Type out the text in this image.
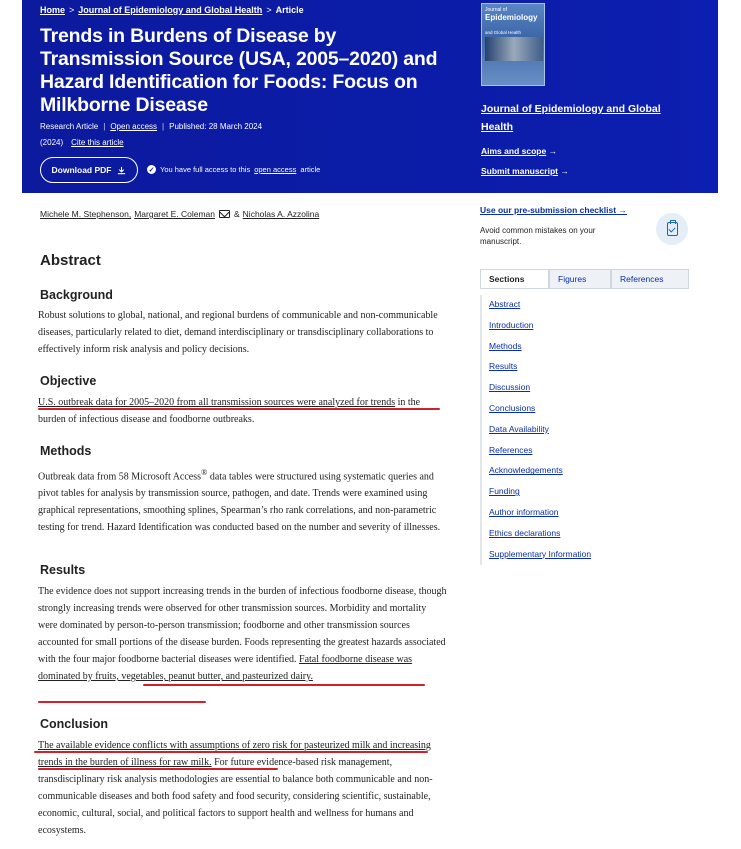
Home > Journal of Epidemiology and Global Health > Article
Trends in Burdens of Disease by Transmission Source (USA, 2005–2020) and Hazard Identification for Foods: Focus on Milkborne Disease
Research Article | Open access | Published: 28 March 2024
(2024) Cite this article
Download PDF	✓ You have full access to this open access article
Journal of
Epidemiology
and Global Health
Journal of Epidemiology and Global Health
Aims and scope →
Submit manuscript →
Michele M. Stephenson, Margaret E. Coleman & Nicholas A. Azzolina
Abstract
Background

Robust solutions to global, national, and regional burdens of communicable and non-communicable diseases, particularly related to diet, demand interdisciplinary or transdisciplinary collaborations to effectively inform risk analysis and policy decisions.

Objective

U.S. outbreak data for 2005–2020 from all transmission sources were analyzed for trends in the burden of infectious disease and foodborne outbreaks.

Methods

Outbreak data from 58 Microsoft Access® data tables were structured using systematic queries and pivot tables for analysis by transmission source, pathogen, and date. Trends were examined using graphical representations, smoothing splines, Spearman’s rho rank correlations, and non-parametric testing for trend. Hazard Identification was conducted based on the number and severity of illnesses.

Results

The evidence does not support increasing trends in the burden of infectious foodborne disease, though strongly increasing trends were observed for other transmission sources. Morbidity and mortality were dominated by person-to-person transmission; foodborne and other transmission sources accounted for small portions of the disease burden. Foods representing the greatest hazards associated with the four major foodborne bacterial diseases were identified. Fatal foodborne disease was dominated by fruits, vegetables, peanut butter, and pasteurized dairy.

Conclusion

The available evidence conflicts with assumptions of zero risk for pasteurized milk and increasing trends in the burden of illness for raw milk. For future evidence-based risk management, transdisciplinary risk analysis methodologies are essential to balance both communicable and non-communicable diseases and both food safety and food security, considering scientific, sustainable, economic, cultural, social, and political factors to support health and wellness for humans and ecosystems.

Use our pre-submission checklist →
Avoid common mistakes on your manuscript.
Sections	Figures	References
Abstract
Introduction
Methods
Results
Discussion
Conclusions
Data Availability
References
Acknowledgements
Funding
Author information
Ethics declarations
Supplementary Information
